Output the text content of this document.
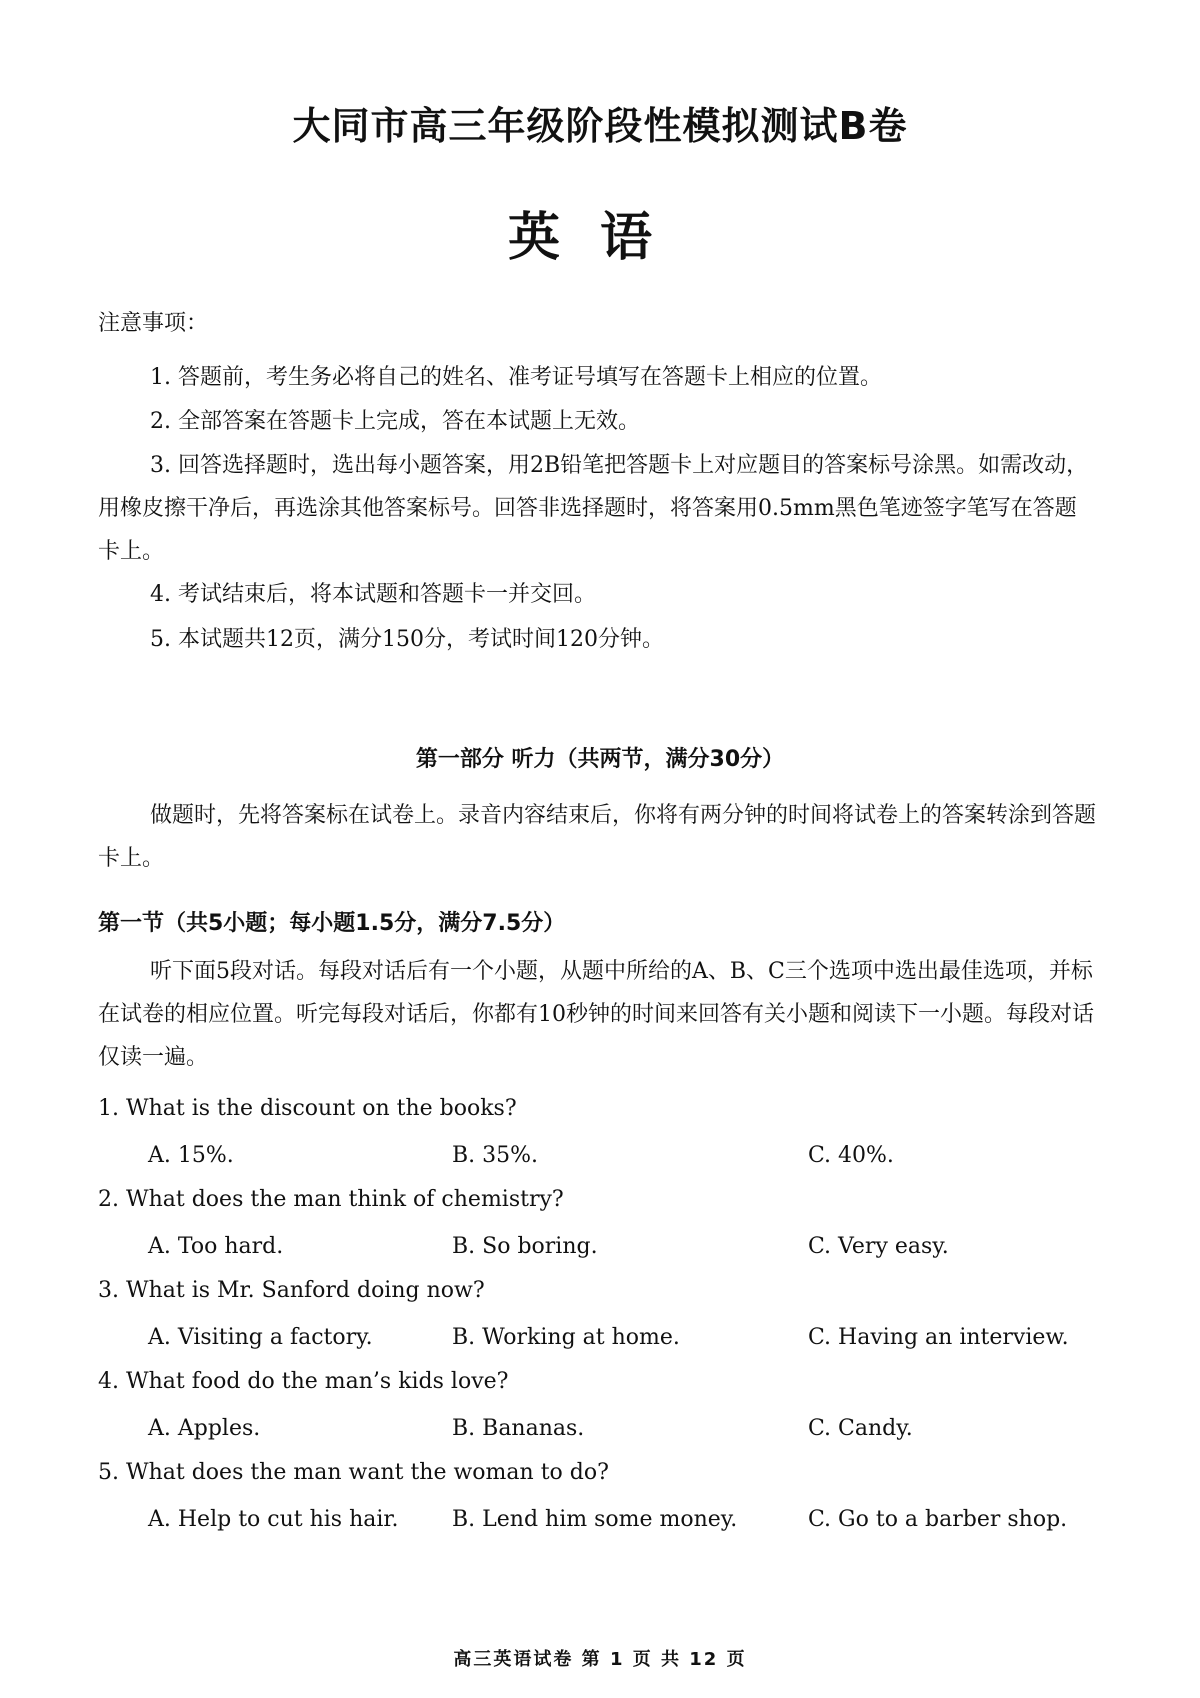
大同市高三年级阶段性模拟测试B卷
英语
注意事项：

1. 答题前，考生务必将自己的姓名、准考证号填写在答题卡上相应的位置。

2. 全部答案在答题卡上完成，答在本试题上无效。

3. 回答选择题时，选出每小题答案，用2B铅笔把答题卡上对应题目的答案标号涂黑。如需改动，用橡皮擦干净后，再选涂其他答案标号。回答非选择题时，将答案用0.5mm黑色笔迹签字笔写在答题卡上。

4. 考试结束后，将本试题和答题卡一并交回。

5. 本试题共12页，满分150分，考试时间120分钟。

第一部分 听力（共两节，满分30分）

做题时，先将答案标在试卷上。录音内容结束后，你将有两分钟的时间将试卷上的答案转涂到答题卡上。

第一节（共5小题；每小题1.5分，满分7.5分）

听下面5段对话。每段对话后有一个小题，从题中所给的A、B、C三个选项中选出最佳选项，并标在试卷的相应位置。听完每段对话后，你都有10秒钟的时间来回答有关小题和阅读下一小题。每段对话仅读一遍。

1. What is the discount on the books?
A. 15%.	B. 35%.	C. 40%.
2. What does the man think of chemistry?
A. Too hard.	B. So boring.	C. Very easy.
3. What is Mr. Sanford doing now?
A. Visiting a factory.	B. Working at home.	C. Having an interview.
4. What food do the man’s kids love?
A. Apples.	B. Bananas.	C. Candy.
5. What does the man want the woman to do?
A. Help to cut his hair. B. Lend him some money.	C. Go to a barber shop.
高三英语试卷 第 1 页 共 12 页
